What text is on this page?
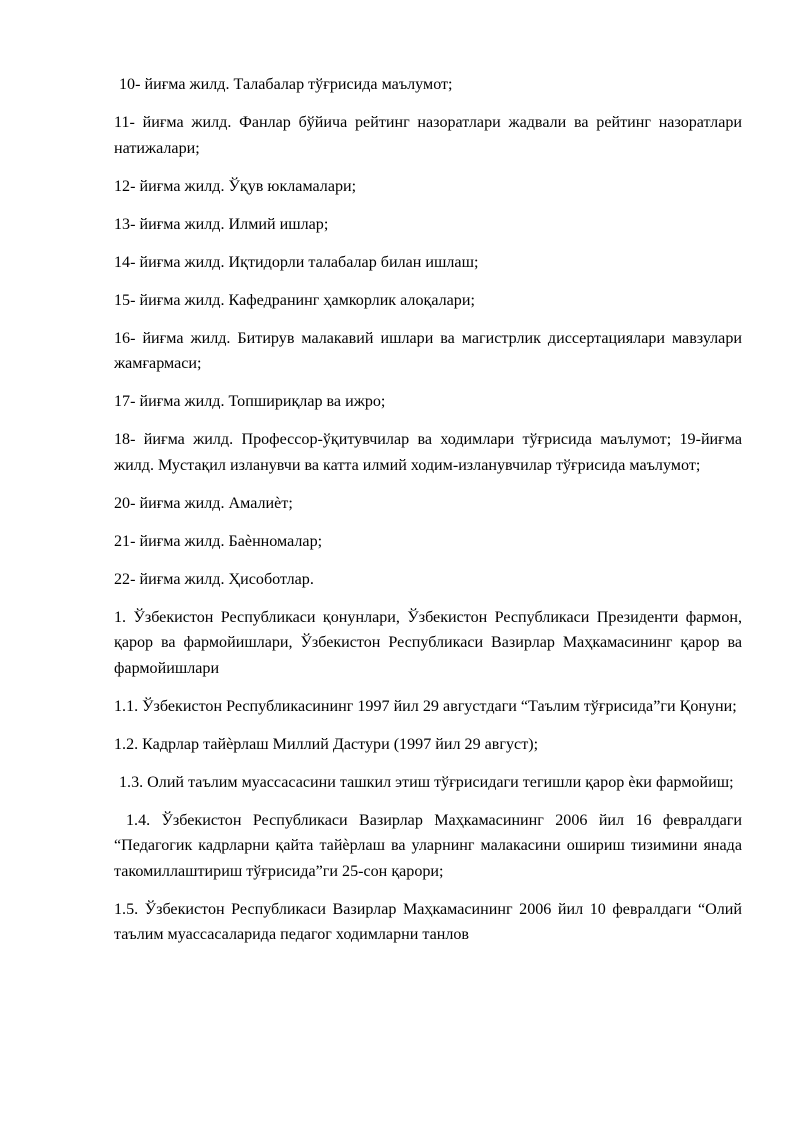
10- йиғма жилд. Талабалар тўғрисида маълумот;

11- йиғма жилд. Фанлар бўйича рейтинг назоратлари жадвали ва рейтинг назоратлари натижалари;

12- йиғма жилд. Ўқув юкламалари;

13- йиғма жилд. Илмий ишлар;

14- йиғма жилд. Иқтидорли талабалар билан ишлаш;

15- йиғма жилд. Кафедранинг ҳамкорлик алоқалари;

16- йиғма жилд. Битирув малакавий ишлари ва магистрлик диссертациялари мавзулари жамғармаси;

17- йиғма жилд. Топшириқлар ва ижро;

18- йиғма жилд. Профессор-ўқитувчилар ва ходимлари тўғрисида маълумот; 19-йиғма жилд. Мустақил изланувчи ва катта илмий ходим-изланувчилар тўғрисида маълумот;

20- йиғма жилд. Амалиѐт;

21- йиғма жилд. Баѐнномалар;

22- йиғма жилд. Ҳисоботлар.

1. Ўзбекистон Республикаси қонунлари, Ўзбекистон Республикаси Президенти фармон, қарор ва фармойишлари, Ўзбекистон Республикаси Вазирлар Маҳкамасининг қарор ва фармойишлари

1.1. Ўзбекистон Республикасининг 1997 йил 29 августдаги “Таълим тўғрисида”ги Қонуни;

1.2. Кадрлар тайѐрлаш Миллий Дастури (1997 йил 29 август);

1.3. Олий таълим муассасасини ташкил этиш тўғрисидаги тегишли қарор ѐки фармойиш;

1.4. Ўзбекистон Республикаси Вазирлар Маҳкамасининг 2006 йил 16 февралдаги “Педагогик кадрларни қайта тайѐрлаш ва уларнинг малакасини ошириш тизимини янада такомиллаштириш тўғрисида”ги 25-сон қарори;

1.5. Ўзбекистон Республикаси Вазирлар Маҳкамасининг 2006 йил 10 февралдаги “Олий таълим муассасаларида педагог ходимларни танлов
